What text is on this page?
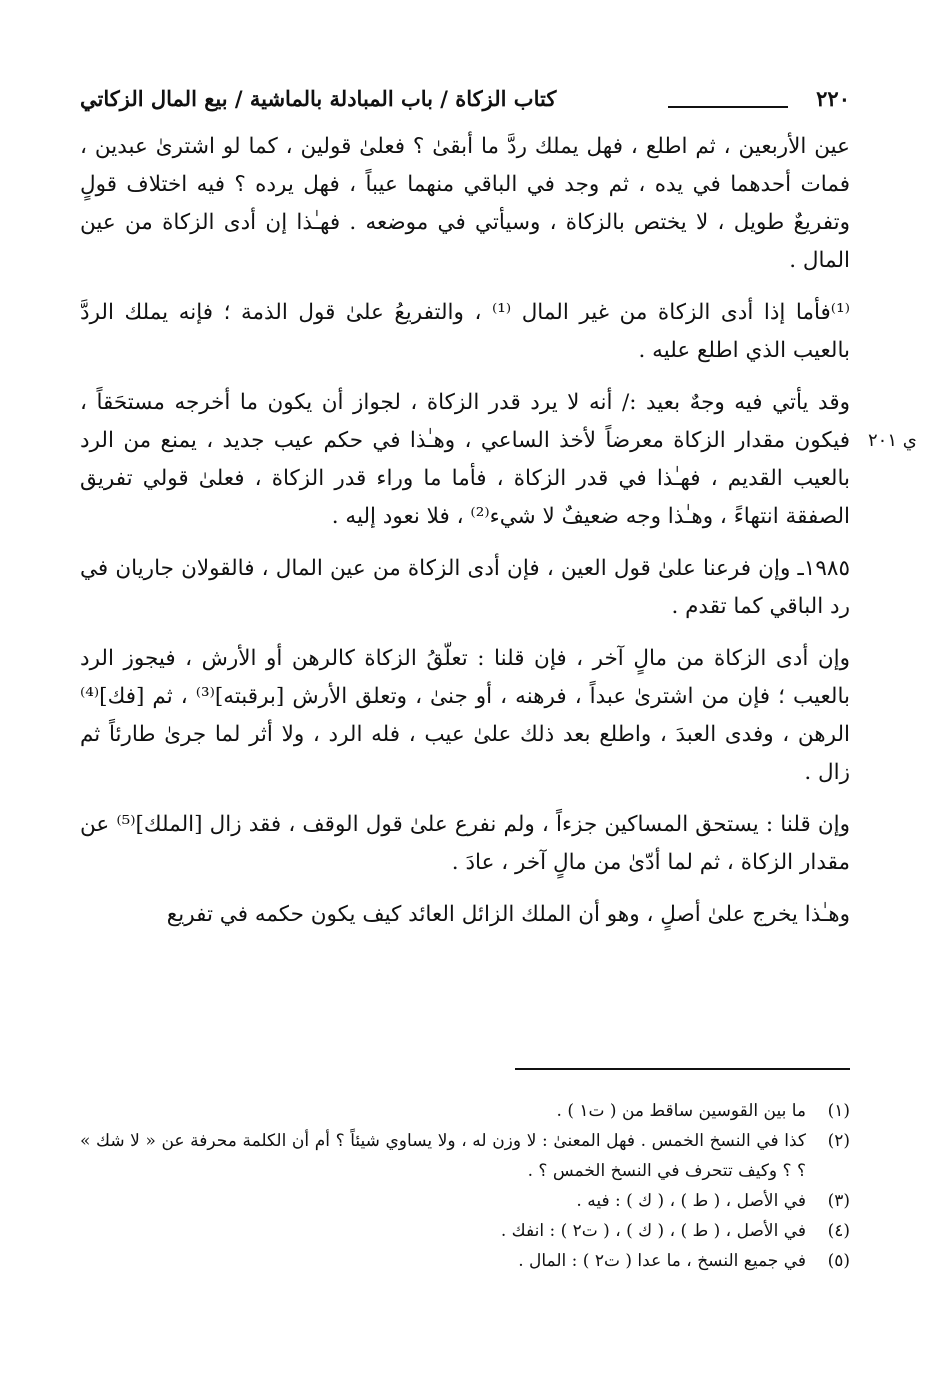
٢٢٠
كتاب الزكاة / باب المبادلة بالماشية / بيع المال الزكاتي
ي ٢٠١

عين الأربعين ، ثم اطلع ، فهل يملك ردَّ ما أبقىٰ ؟ فعلىٰ قولين ، كما لو اشترىٰ عبدين ، فمات أحدهما في يده ، ثم وجد في الباقي منهما عيباً ، فهل يرده ؟ فيه اختلاف قولٍ وتفريعٌ طويل ، لا يختص بالزكاة ، وسيأتي في موضعه . فهـٰذا إن أدى الزكاة من عين المال .

⁽¹⁾فأما إذا أدى الزكاة من غير المال ⁽¹⁾ ، والتفريعُ علىٰ قول الذمة ؛ فإنه يملك الردَّ بالعيب الذي اطلع عليه .

وقد يأتي فيه وجهٌ بعيد :/ أنه لا يرد قدر الزكاة ، لجواز أن يكون ما أخرجه مستحَقاً ، فيكون مقدار الزكاة معرضاً لأخذ الساعي ، وهـٰذا في حكم عيب جديد ، يمنع من الرد بالعيب القديم ، فهـٰذا في قدر الزكاة ، فأما ما وراء قدر الزكاة ، فعلىٰ قولي تفريق الصفقة انتهاءً ، وهـٰذا وجه ضعيفٌ لا شيء⁽²⁾ ، فلا نعود إليه .

١٩٨٥ـ وإن فرعنا علىٰ قول العين ، فإن أدى الزكاة من عين المال ، فالقولان جاريان في رد الباقي كما تقدم .

وإن أدى الزكاة من مالٍ آخر ، فإن قلنا : تعلّقُ الزكاة كالرهن أو الأرش ، فيجوز الرد بالعيب ؛ فإن من اشترىٰ عبداً ، فرهنه ، أو جنىٰ ، وتعلق الأرش [برقبته]⁽³⁾ ، ثم [فك]⁽⁴⁾ الرهن ، وفدى العبدَ ، واطلع بعد ذلك علىٰ عيب ، فله الرد ، ولا أثر لما جرىٰ طارئاً ثم زال .

وإن قلنا : يستحق المساكين جزءاً ، ولم نفرع علىٰ قول الوقف ، فقد زال [الملك]⁽⁵⁾ عن مقدار الزكاة ، ثم لما أدّىٰ من مالٍ آخر ، عادَ .

وهـٰذا يخرج علىٰ أصلٍ ، وهو أن الملك الزائل العائد كيف يكون حكمه في تفريع

(١)
ما بين القوسين ساقط من ( ت١ ) .
(٢)
كذا في النسخ الخمس . فهل المعنىٰ : لا وزن له ، ولا يساوي شيئاً ؟ أم أن الكلمة محرفة عن « لا شك » ؟ ؟ وكيف تتحرف في النسخ الخمس ؟ .
(٣)
في الأصل ، ( ط ) ، ( ك ) : فيه .
(٤)
في الأصل ، ( ط ) ، ( ك ) ، ( ت٢ ) : انفك .
(٥)
في جميع النسخ ، ما عدا ( ت٢ ) : المال .
